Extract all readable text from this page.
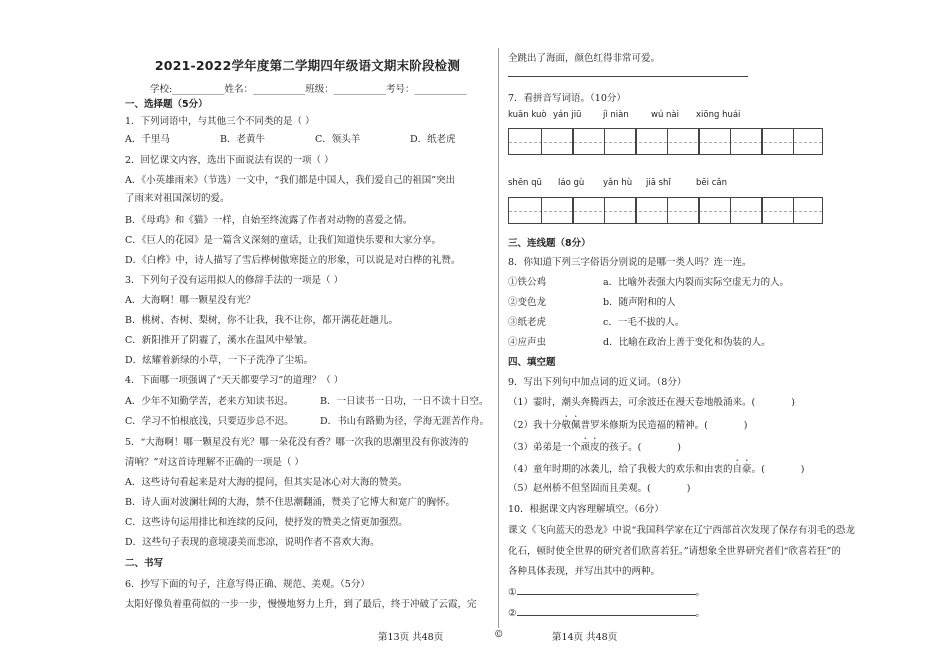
2021-2022学年度第二学期四年级语文期末阶段检测
学校:___________姓名：___________班级：___________考号：___________
一、选择题（5分）
1．下列词语中，与其他三个不同类的是（ ）
A．千里马	B．老黄牛	C．领头羊	D．纸老虎
2．回忆课文内容，选出下面说法有误的一项（ ）
A．《小英雄雨来》（节选）一文中，“我们都是中国人，我们爱自己的祖国”突出
了雨来对祖国深切的爱。
B．《母鸡》和《猫》一样，自始至终流露了作者对动物的喜爱之情。
C．《巨人的花园》是一篇含义深刻的童话，让我们知道快乐要和大家分享。
D．《白桦》中，诗人描写了雪后桦树傲寒挺立的形象，可以说是对白桦的礼赞。
3．下列句子没有运用拟人的修辞手法的一项是（ ）
A．大海啊！哪一颗星没有光？
B．桃树、杏树、梨树，你不让我，我不让你，都开满花赶趟儿。
C．新阳推开了阴霾了，溪水在温风中晕皱。
D．炫耀着新绿的小草，一下子洗净了尘垢。
4．下面哪一项强调了“天天都要学习”的道理？（ ）
A．少年不知勤学苦，老来方知读书迟。	B．一日读书一日功，一日不读十日空。
C．学习不怕根底浅，只要迈步总不迟。	D．书山有路勤为径，学海无涯苦作舟。
5．“大海啊！哪一颗星没有光？哪一朵花没有香？哪一次我的思潮里没有你波涛的
清响？”对这首诗理解不正确的一项是（ ）
A．这些诗句看起来是对大海的提问，但其实是冰心对大海的赞美。
B．诗人面对波澜壮阔的大海，禁不住思潮翻涌，赞美了它博大和宽广的胸怀。
C．这些诗句运用排比和连续的反问，使抒发的赞美之情更加强烈。
D．这些句子表现的意境凄美而悲凉，说明作者不喜欢大海。
二、书写
6．抄写下面的句子，注意写得正确、规范、美观。（5分）
太阳好像负着重荷似的一步一步，慢慢地努力上升，到了最后，终于冲破了云霞，完
全跳出了海面，颜色红得非常可爱。
7．看拼音写词语。（10分）
kuān kuò yán jiū	jì niàn	wú nài xiōng huái
shēn qū láo gù yǎn hù jiā shǐ	bēi cǎn
三、连线题（8分）
8．你知道下列三字俗语分别说的是哪一类人吗？连一连。
①铁公鸡	a．比喻外表强大内裂而实际空虚无力的人。
②变色龙	b．随声附和的人
③纸老虎	c．一毛不拔的人。
④应声虫	d．比喻在政治上善于变化和伪装的人。
四、填空题
9．写出下列句中加点词的近义词。（8分）
（1）霎时，潮头奔腾西去，可余波还在漫天卷地般涌来。(	)
（2）我十分敬佩普罗米修斯为民造福的精神。(	)
（3）弟弟是一个顽皮的孩子。(	)
（4）童年时期的冰袭儿，给了我极大的欢乐和由衷的自豪。(	)
（5）赵州桥不但坚固而且美观。(	)
10．根据课文内容理解填空。（6分）
课文《飞向蓝天的恐龙》中说“我国科学家在辽宁西部首次发现了保存有羽毛的恐龙
化石，顿时使全世界的研究者们欣喜若狂。”请想象全世界研究者们“欣喜若狂”的
各种具体表现，并写出其中的两种。
①	。
②	。
第13页 共48页	©	第14页 共48页
